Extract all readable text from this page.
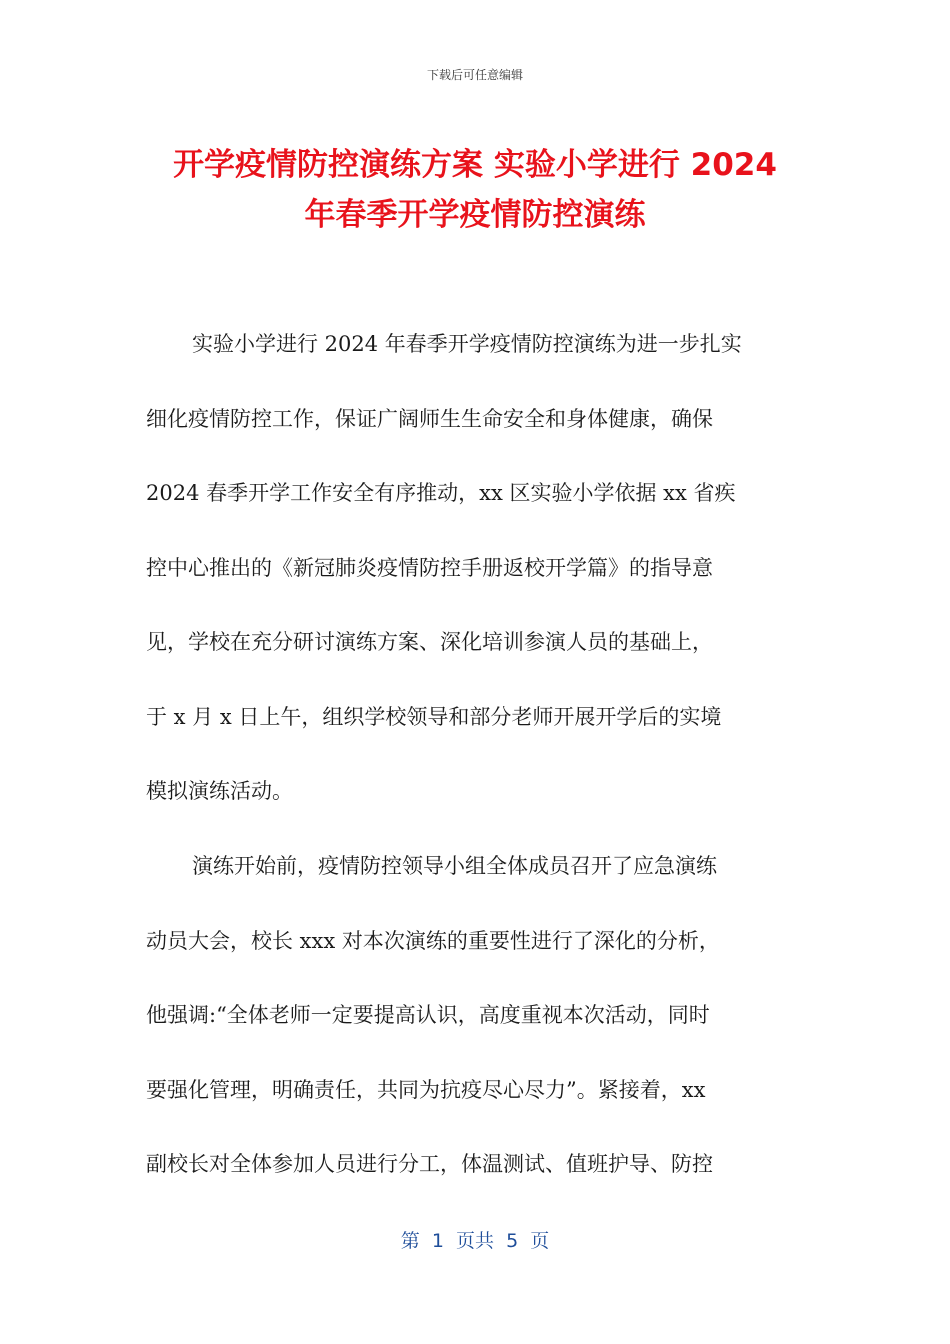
下载后可任意编辑
开学疫情防控演练方案 实验小学进行 2024
年春季开学疫情防控演练
实验小学进行 2024 年春季开学疫情防控演练为进一步扎实
细化疫情防控工作，保证广阔师生生命安全和身体健康，确保
2024 春季开学工作安全有序推动，xx 区实验小学依据 xx 省疾
控中心推出的《新冠肺炎疫情防控手册返校开学篇》的指导意
见，学校在充分研讨演练方案、深化培训参演人员的基础上，
于 x 月 x 日上午，组织学校领导和部分老师开展开学后的实境
模拟演练活动。
演练开始前，疫情防控领导小组全体成员召开了应急演练
动员大会，校长 xxx 对本次演练的重要性进行了深化的分析，
他强调:“全体老师一定要提高认识，高度重视本次活动，同时
要强化管理，明确责任，共同为抗疫尽心尽力”。紧接着，xx
副校长对全体参加人员进行分工，体温测试、值班护导、防控
第  1  页共  5  页
